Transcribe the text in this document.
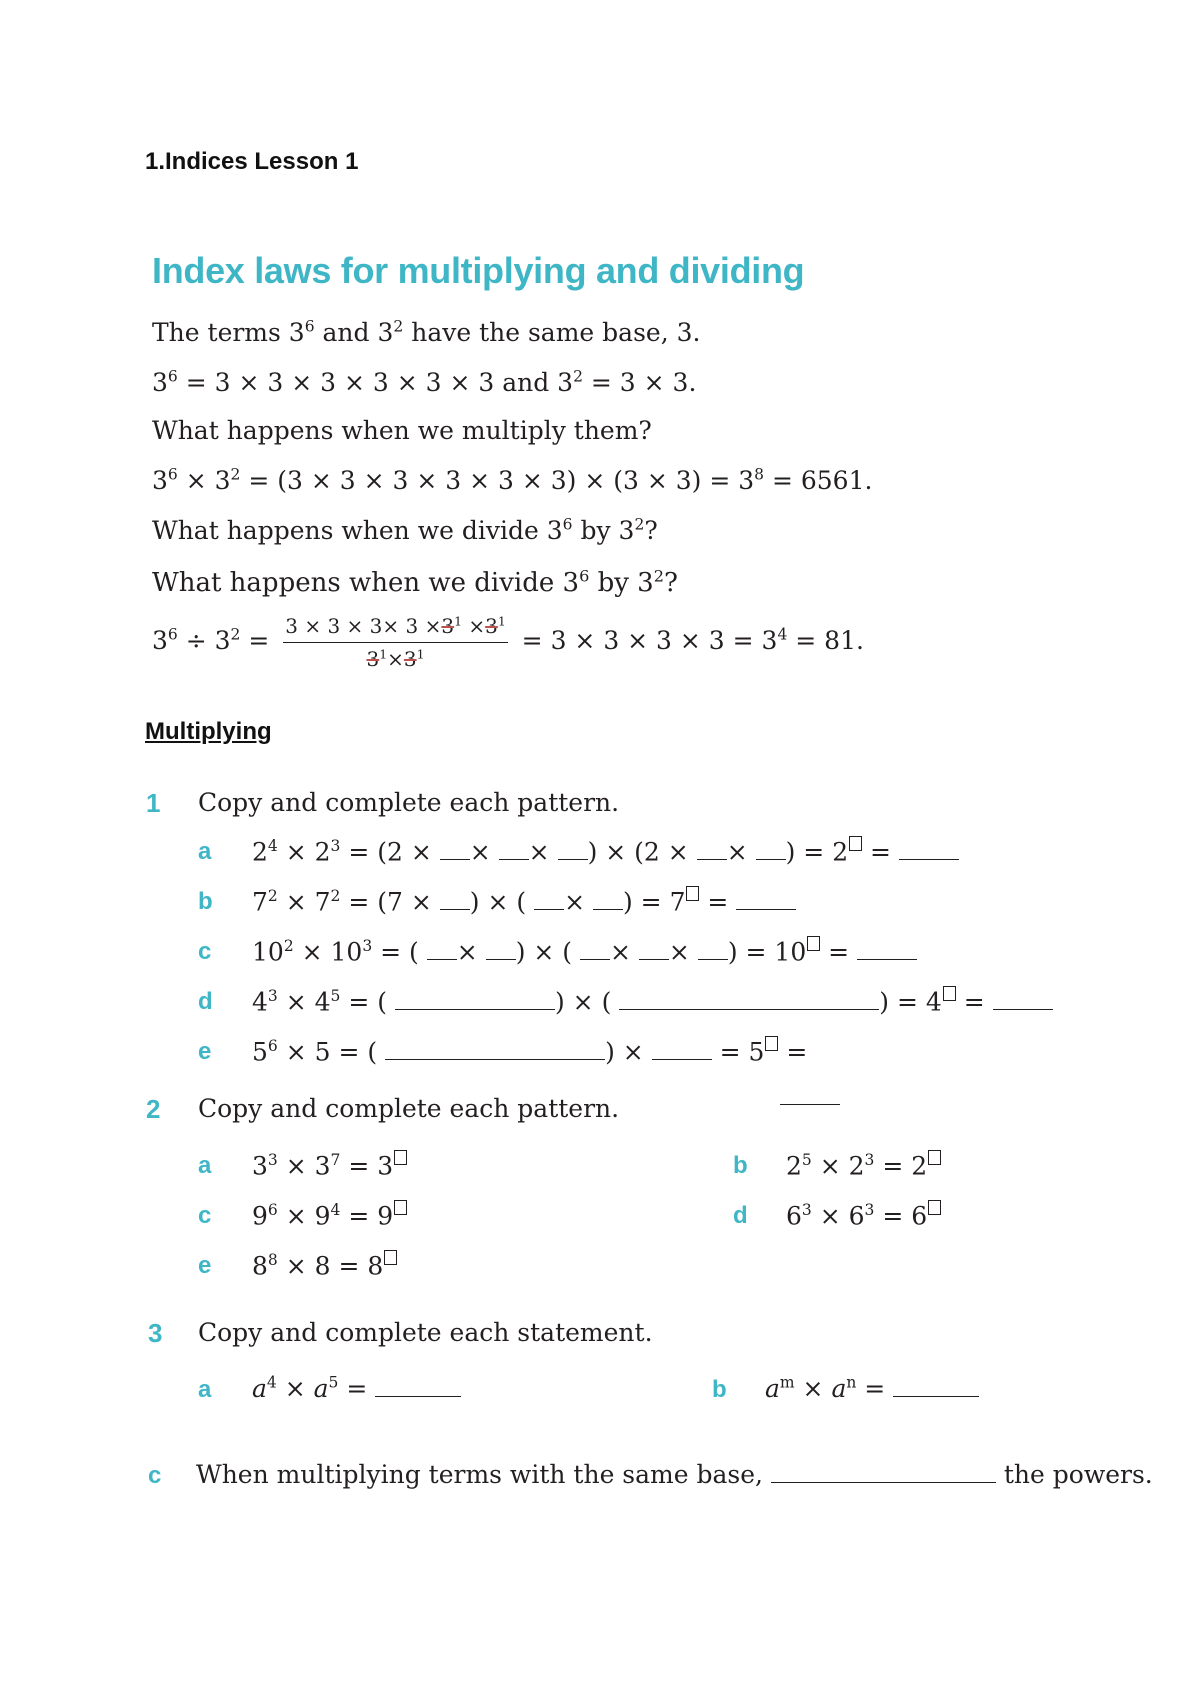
1.Indices Lesson 1
Index laws for multiplying and dividing
The terms $3^6$ and $3^2$ have the same base, 3.
$3^6 = 3 \times 3 \times 3 \times 3 \times 3 \times 3$ and $3^2 = 3 \times 3$.
What happens when we multiply them?
$3^6 \times 3^2 = (3 \times 3 \times 3 \times 3 \times 3 \times 3) \times (3 \times 3) = 3^8 = 6561$.
What happens when we divide $3^6$ by $3^2$?
What happens when we divide $3^6$ by $3^2$?
$3^6 \div 3^2 = \frac{3 \times 3 \times 3\times 3 \times 3^1 \times 3^1}{3^1\times 3^1} = 3 \times 3 \times 3 \times 3 = 3^4 = 81$.
Multiplying
1 Copy and complete each pattern.
a $2^4 \times 2^3 = (2$ × × × ) × (2 × × ) = 2 =
b $7^2 \times 7^2 = (7$ × ) × ( × ) = 7 =
c $10^2 \times 10^3$ = ( × ) × ( × × ) = 10 =
d $4^3 \times 4^5$ = (	) × (	) = 4 =
e $5^6 \times 5$ = (	) ×	= 5 =
2 Copy and complete each pattern.
a $3^3 \times 3^7 = 3$	b $2^5 \times 2^3 = 2$
c $9^6 \times 9^4 = 9$	d $6^3 \times 6^3 = 6$
e $8^8 \times 8 = 8$
3 Copy and complete each statement.
a $a^4 \times a^5$ =	b $a^m \times a^n$ =
c When multiplying terms with the same base,	the powers.
